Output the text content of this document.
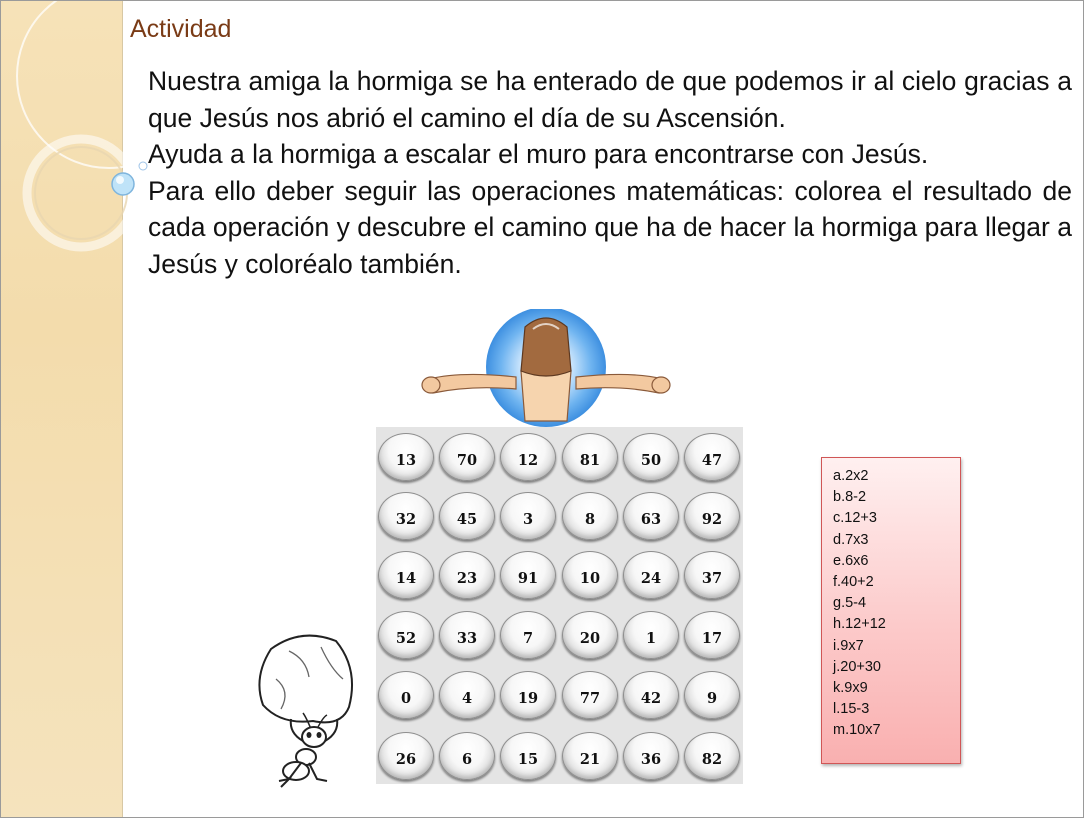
Actividad

Nuestra amiga la hormiga se ha enterado de que podemos ir al cielo gracias a que Jesús nos abrió el camino el día de su Ascensión.

Ayuda a la hormiga a escalar el muro para encontrarse con Jesús.

Para ello deber seguir las operaciones matemáticas: colorea el resultado de cada operación y descubre el camino que ha de hacer la hormiga para llegar a Jesús y coloréalo también.

13	70	12	81	50	47
32	45	3	8	63	92
14	23	91	10	24	37
52	33	7	20	1	17
0	4	19	77	42	9
26	6	15	21	36	82
a.2x2
b.8-2
c.12+3
d.7x3
e.6x6
f.40+2
g.5-4
h.12+12
i.9x7
j.20+30
k.9x9
l.15-3
m.10x7
